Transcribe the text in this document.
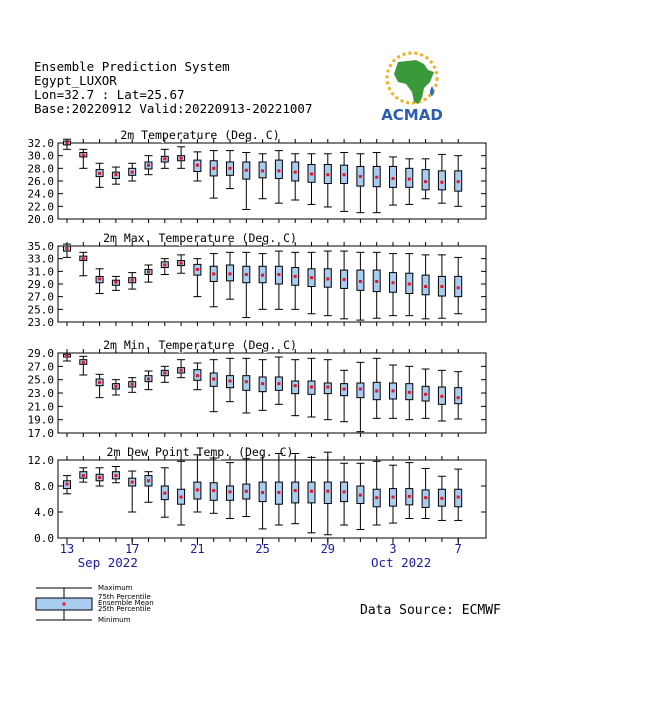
Ensemble Prediction System
Egypt_LUXOR
Lon=32.7 : Lat=25.67
Base:20220912 Valid:20220913-20221007	ACMAD
2m Temperature (Deg. C)
32.0
30.0
28.0
26.0
24.0
22.0
20.0
2m Max. Temperature (Deg. C)
35.0
33.0
31.0
29.0
27.0
25.0
23.0
2m Min. Temperature (Deg. C)
29.0
27.0
25.0
23.0
21.0
19.0
17.0
2m Dew Point Temp. (Deg. C)
12.0
8.0
4.0
0.0
13	17	21	25	29	3	7
Sep 2022	Oct 2022
Maximum
75th Percentile
Ensemble Mean
25th Percentile
Minimum
Data Source: ECMWF
